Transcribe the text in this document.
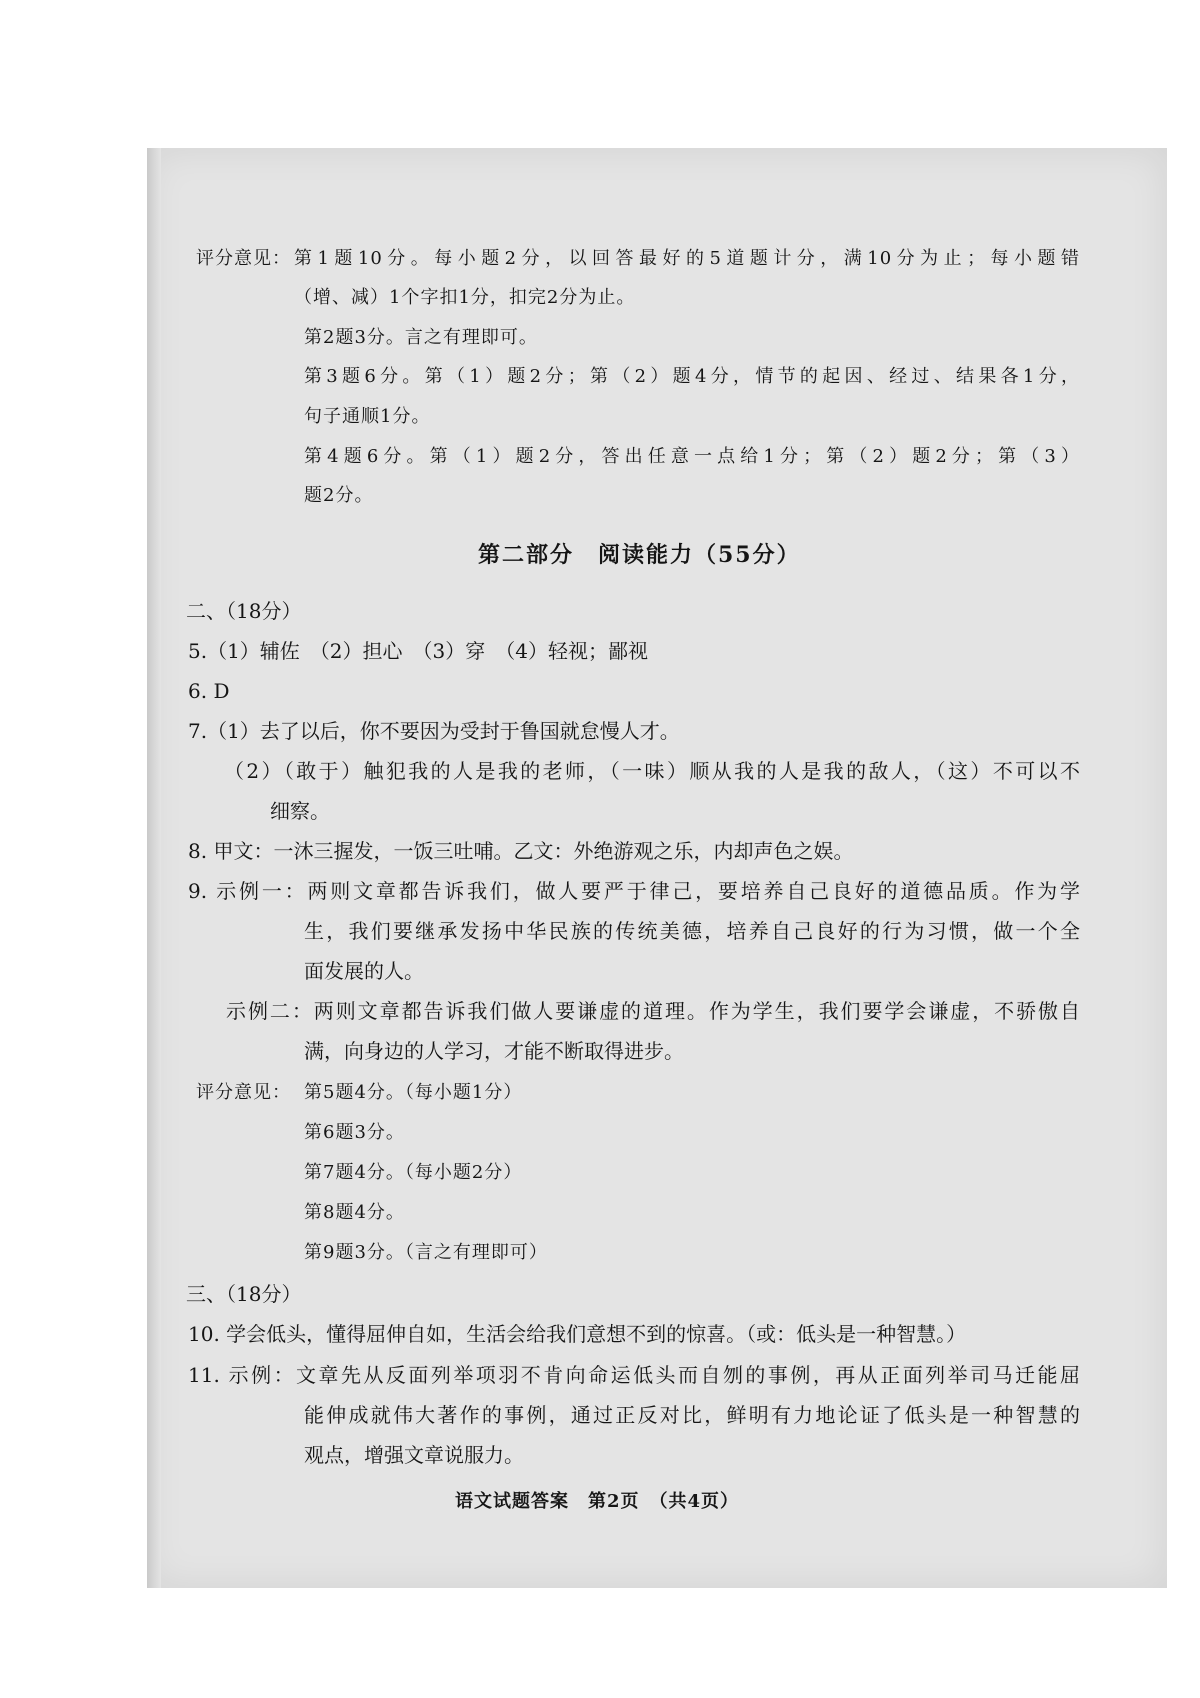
评分意见： 第1题10分。每小题2分，以回答最好的5道题计分，满10分为止；每小题错
（增、减）1个字扣1分，扣完2分为止。
第2题3分。言之有理即可。
第3题6分。第（1）题2分；第（2）题4分，情节的起因、经过、结果各1分，
句子通顺1分。
第4题6分。第（1）题2分，答出任意一点给1分；第（2）题2分；第（3）
题2分。
第二部分　阅读能力（55分）
二、（18分）
5.（1）辅佐　（2）担心　（3）穿　（4）轻视；鄙视
6. D
7.（1）去了以后，你不要因为受封于鲁国就怠慢人才。
（2）（敢于）触犯我的人是我的老师，（一味）顺从我的人是我的敌人，（这）不可以不
细察。
8. 甲文：一沐三握发，一饭三吐哺。乙文：外绝游观之乐，内却声色之娱。
9. 示例一：两则文章都告诉我们，做人要严于律己，要培养自己良好的道德品质。作为学
生，我们要继承发扬中华民族的传统美德，培养自己良好的行为习惯，做一个全
面发展的人。
示例二：两则文章都告诉我们做人要谦虚的道理。作为学生，我们要学会谦虚，不骄傲自
满，向身边的人学习，才能不断取得进步。
评分意见： 第5题4分。（每小题1分）
第6题3分。
第7题4分。（每小题2分）
第8题4分。
第9题3分。（言之有理即可）
三、（18分）
10. 学会低头，懂得屈伸自如，生活会给我们意想不到的惊喜。（或：低头是一种智慧。）
11. 示例：文章先从反面列举项羽不肯向命运低头而自刎的事例，再从正面列举司马迁能屈
能伸成就伟大著作的事例，通过正反对比，鲜明有力地论证了低头是一种智慧的
观点，增强文章说服力。
语文试题答案　第2页　（共4页）
